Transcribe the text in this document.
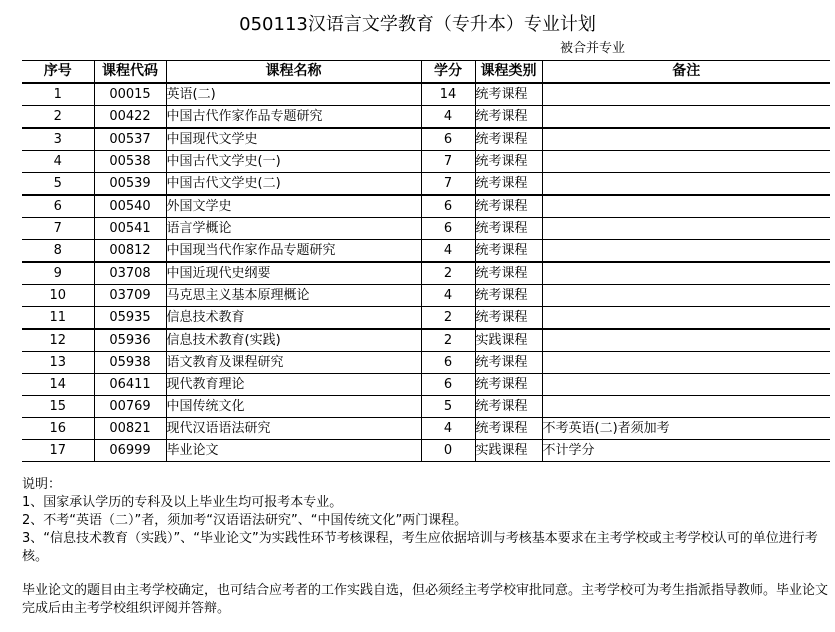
050113汉语言文学教育（专升本）专业计划
被合并专业
序号	课程代码	课程名称	学分	课程类别	备注
1	00015	英语(二)	14	统考课程	
2	00422	中国古代作家作品专题研究	4	统考课程	
3	00537	中国现代文学史	6	统考课程	
4	00538	中国古代文学史(一)	7	统考课程	
5	00539	中国古代文学史(二)	7	统考课程	
6	00540	外国文学史	6	统考课程	
7	00541	语言学概论	6	统考课程	
8	00812	中国现当代作家作品专题研究	4	统考课程	
9	03708	中国近现代史纲要	2	统考课程	
10	03709	马克思主义基本原理概论	4	统考课程	
11	05935	信息技术教育	2	统考课程	
12	05936	信息技术教育(实践)	2	实践课程	
13	05938	语文教育及课程研究	6	统考课程	
14	06411	现代教育理论	6	统考课程	
15	00769	中国传统文化	5	统考课程	
16	00821	现代汉语语法研究	4	统考课程	不考英语(二)者须加考
17	06999	毕业论文	0	实践课程	不计学分

说明：

1、国家承认学历的专科及以上毕业生均可报考本专业。

2、不考“英语（二）”者，须加考“汉语语法研究”、“中国传统文化”两门课程。

3、“信息技术教育（实践）”、“毕业论文”为实践性环节考核课程，考生应依据培训与考核基本要求在主考学校或主考学校认可的单位进行考核。

毕业论文的题目由主考学校确定，也可结合应考者的工作实践自选，但必须经主考学校审批同意。主考学校可为考生指派指导教师。毕业论文完成后由主考学校组织评阅并答辩。
